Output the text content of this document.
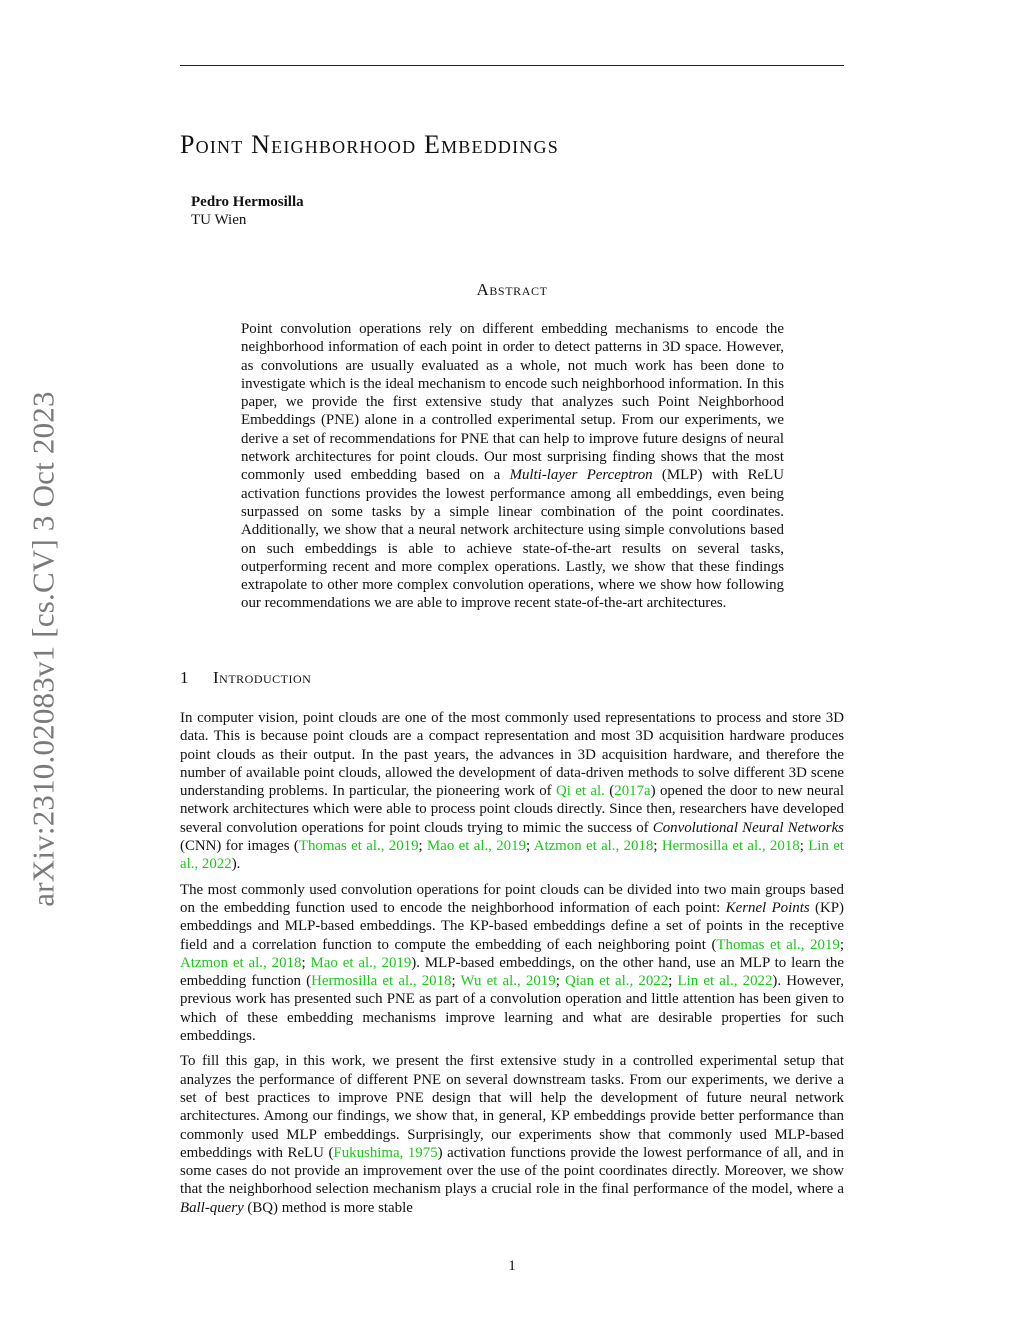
arXiv:2310.02083v1 [cs.CV] 3 Oct 2023
Point Neighborhood Embeddings
Pedro Hermosilla
TU Wien
Abstract
Point convolution operations rely on different embedding mechanisms to encode the neighborhood information of each point in order to detect patterns in 3D space. However, as convolutions are usually evaluated as a whole, not much work has been done to investigate which is the ideal mechanism to encode such neighborhood information. In this paper, we provide the first extensive study that analyzes such Point Neighborhood Embeddings (PNE) alone in a controlled experimental setup. From our experiments, we derive a set of recommendations for PNE that can help to improve future designs of neural network architectures for point clouds. Our most surprising finding shows that the most commonly used embedding based on a Multi-layer Perceptron (MLP) with ReLU activation functions provides the lowest performance among all embeddings, even being surpassed on some tasks by a simple linear combination of the point coordinates. Additionally, we show that a neural network architecture using simple convolutions based on such embeddings is able to achieve state-of-the-art results on several tasks, outperforming recent and more complex operations. Lastly, we show that these findings extrapolate to other more complex convolution operations, where we show how following our recommendations we are able to improve recent state-of-the-art architectures.
1 Introduction

In computer vision, point clouds are one of the most commonly used representations to process and store 3D data. This is because point clouds are a compact representation and most 3D acquisition hardware produces point clouds as their output. In the past years, the advances in 3D acquisition hardware, and therefore the number of available point clouds, allowed the development of data-driven methods to solve different 3D scene understanding problems. In particular, the pioneering work of Qi et al. (2017a) opened the door to new neural network architectures which were able to process point clouds directly. Since then, researchers have developed several convolution operations for point clouds trying to mimic the success of Convolutional Neural Networks (CNN) for images (Thomas et al., 2019; Mao et al., 2019; Atzmon et al., 2018; Hermosilla et al., 2018; Lin et al., 2022).

The most commonly used convolution operations for point clouds can be divided into two main groups based on the embedding function used to encode the neighborhood information of each point: Kernel Points (KP) embeddings and MLP-based embeddings. The KP-based embeddings define a set of points in the receptive field and a correlation function to compute the embedding of each neighboring point (Thomas et al., 2019; Atzmon et al., 2018; Mao et al., 2019). MLP-based embeddings, on the other hand, use an MLP to learn the embedding function (Hermosilla et al., 2018; Wu et al., 2019; Qian et al., 2022; Lin et al., 2022). However, previous work has presented such PNE as part of a convolution operation and little attention has been given to which of these embedding mechanisms improve learning and what are desirable properties for such embeddings.

To fill this gap, in this work, we present the first extensive study in a controlled experimental setup that analyzes the performance of different PNE on several downstream tasks. From our experiments, we derive a set of best practices to improve PNE design that will help the development of future neural network architectures. Among our findings, we show that, in general, KP embeddings provide better performance than commonly used MLP embeddings. Surprisingly, our experiments show that commonly used MLP-based embeddings with ReLU (Fukushima, 1975) activation functions provide the lowest performance of all, and in some cases do not provide an improvement over the use of the point coordinates directly. Moreover, we show that the neighborhood selection mechanism plays a crucial role in the final performance of the model, where a Ball-query (BQ) method is more stable

1
